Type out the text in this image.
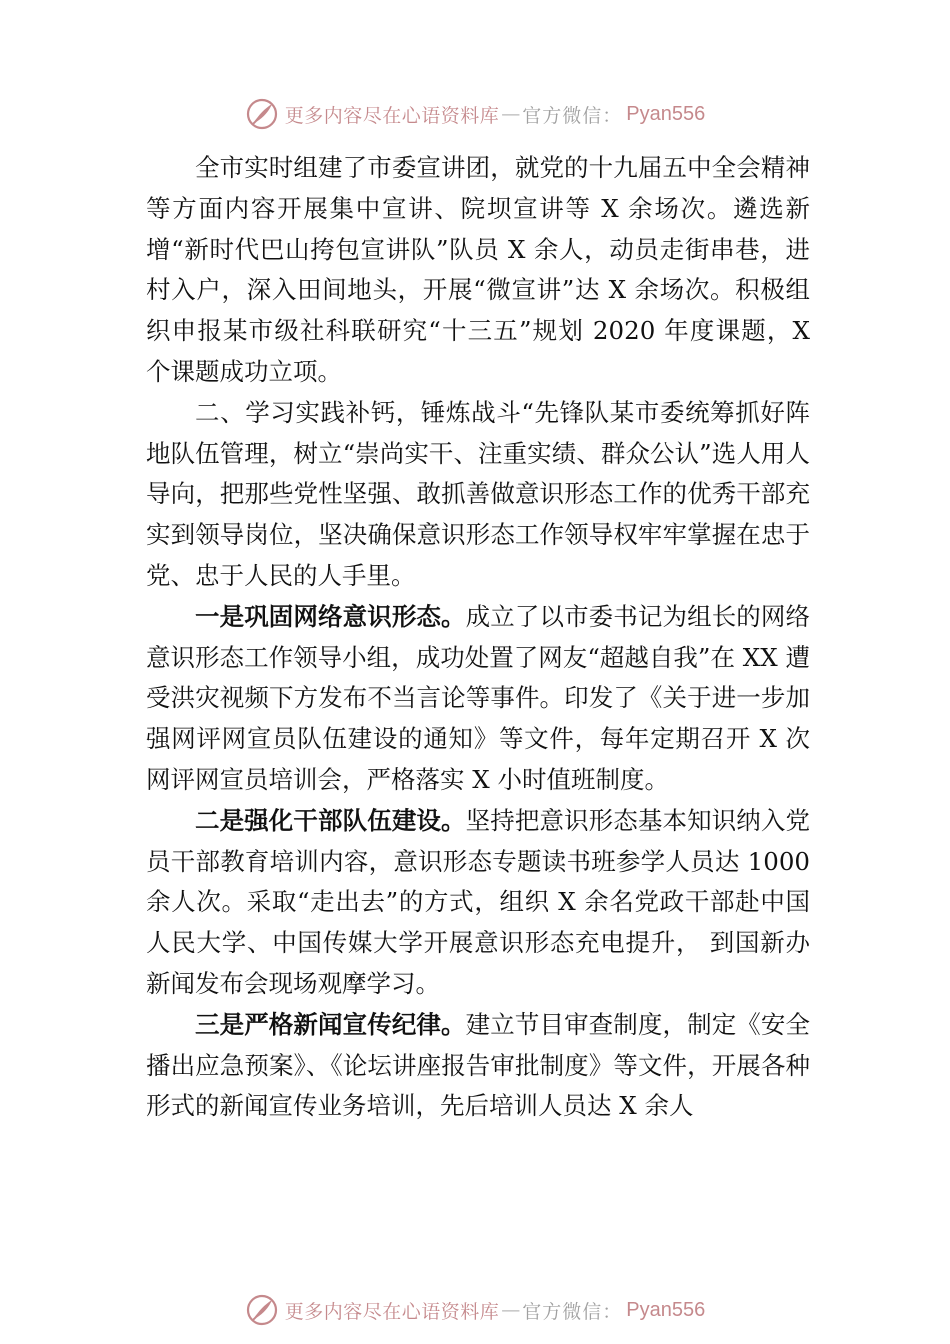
更多内容尽在心语资料库 — 官方微信： Pyan556

全市实时组建了市委宣讲团，就党的十九届五中全会精神等方面内容开展集中宣讲、院坝宣讲等 X 余场次。遴选新增“新时代巴山挎包宣讲队”队员 X 余人，动员走街串巷，进村入户，深入田间地头，开展“微宣讲”达 X 余场次。积极组织申报某市级社科联研究“十三五”规划 2020 年度课题，X 个课题成功立项。

二、学习实践补钙，锤炼战斗“先锋队某市委统筹抓好阵地队伍管理，树立“崇尚实干、注重实绩、群众公认”选人用人导向，把那些党性坚强、敢抓善做意识形态工作的优秀干部充实到领导岗位，坚决确保意识形态工作领导权牢牢掌握在忠于党、忠于人民的人手里。

一是巩固网络意识形态。成立了以市委书记为组长的网络意识形态工作领导小组，成功处置了网友“超越自我”在 XX 遭受洪灾视频下方发布不当言论等事件。印发了《关于进一步加强网评网宣员队伍建设的通知》等文件，每年定期召开 X 次网评网宣员培训会，严格落实 X 小时值班制度。

二是强化干部队伍建设。坚持把意识形态基本知识纳入党员干部教育培训内容，意识形态专题读书班参学人员达 1000 余人次。采取“走出去”的方式，组织 X 余名党政干部赴中国人民大学、中国传媒大学开展意识形态充电提升， 到国新办新闻发布会现场观摩学习。

三是严格新闻宣传纪律。建立节目审查制度，制定《安全播出应急预案》、《论坛讲座报告审批制度》等文件，开展各种形式的新闻宣传业务培训，先后培训人员达 X 余人

更多内容尽在心语资料库 — 官方微信： Pyan556
